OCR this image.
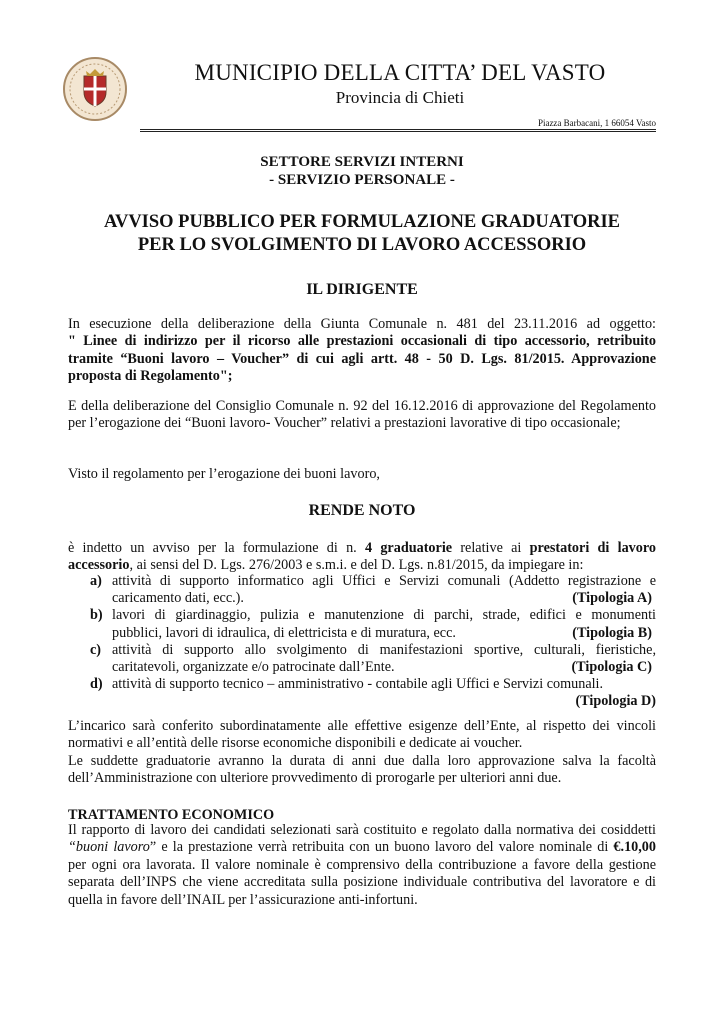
MUNICIPIO DELLA CITTA’ DEL VASTO
Provincia di Chieti
Piazza Barbacani, 1 66054 Vasto
SETTORE SERVIZI INTERNI
- SERVIZIO PERSONALE -
AVVISO PUBBLICO PER FORMULAZIONE GRADUATORIE
PER LO SVOLGIMENTO DI LAVORO ACCESSORIO
IL DIRIGENTE
In esecuzione della deliberazione della Giunta Comunale n. 481 del 23.11.2016 ad oggetto:
" Linee di indirizzo per il ricorso alle prestazioni occasionali di tipo accessorio, retribuito
tramite “Buoni lavoro – Voucher” di cui agli artt. 48 - 50 D. Lgs. 81/2015. Approvazione
proposta di Regolamento";
E della deliberazione del Consiglio Comunale n. 92 del 16.12.2016 di approvazione del Regolamento per l’erogazione dei “Buoni lavoro- Voucher” relativi a prestazioni lavorative di tipo occasionale;
Visto il regolamento per l’erogazione dei buoni lavoro,
RENDE NOTO
è indetto un avviso per la formulazione di n. 4 graduatorie relative ai prestatori di lavoro
accessorio, ai sensi del D. Lgs. 276/2003 e s.m.i. e del D. Lgs. n.81/2015, da impiegare in:
a) attività di supporto informatico agli Uffici e Servizi comunali (Addetto registrazione e
caricamento dati, ecc.).	(Tipologia A)
b) lavori di giardinaggio, pulizia e manutenzione di parchi, strade, edifici e monumenti
pubblici, lavori di idraulica, di elettricista e di muratura, ecc.	(Tipologia B)
c) attività di supporto allo svolgimento di manifestazioni sportive, culturali, fieristiche,
caritatevoli, organizzate e/o patrocinate dall’Ente.	(Tipologia C)
d) attività di supporto tecnico – amministrativo - contabile agli Uffici e Servizi comunali.
(Tipologia D)
L’incarico sarà conferito subordinatamente alle effettive esigenze dell’Ente, al rispetto dei vincoli
normativi e all’entità delle risorse economiche disponibili e dedicate ai voucher.
Le suddette graduatorie avranno la durata di anni due dalla loro approvazione salva la facoltà
dell’Amministrazione con ulteriore provvedimento di prorogarle per ulteriori anni due.
TRATTAMENTO ECONOMICO
Il rapporto di lavoro dei candidati selezionati sarà costituito e regolato dalla normativa dei cosiddetti
“buoni lavoro” e la prestazione verrà retribuita con un buono lavoro del valore nominale di €.10,00
per ogni ora lavorata. Il valore nominale è comprensivo della contribuzione a favore della gestione
separata dell’INPS che viene accreditata sulla posizione individuale contributiva del lavoratore e di
quella in favore dell’INAIL per l’assicurazione anti-infortuni.
